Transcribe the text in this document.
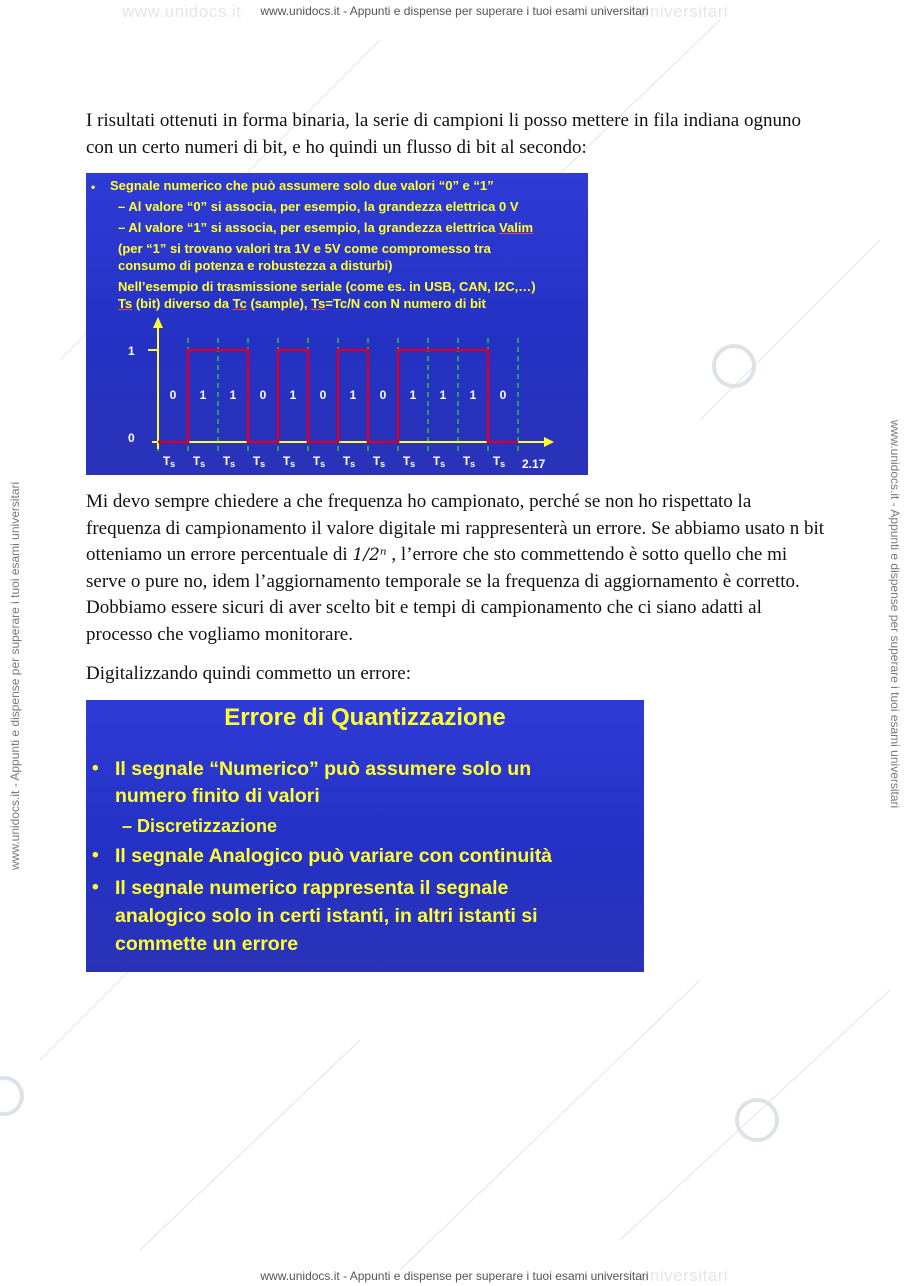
www.unidocs.it	universitari
universitari
www.unidocs.it - Appunti e dispense per superare i tuoi esami universitari
www.unidocs.it - Appunti e dispense per superare i tuoi esami universitari
www.unidocs.it - Appunti e dispense per superare i tuoi esami universitari	www.unidocs.it - Appunti e dispense per superare i tuoi esami universitari

I risultati ottenuti in forma binaria, la serie di campioni li posso mettere in fila indiana ognuno con un certo numeri di bit, e ho quindi un flusso di bit al secondo:

• Segnale numerico che può assumere solo due valori “0” e “1”
– Al valore “0” si associa, per esempio, la grandezza elettrica 0 V
– Al valore “1” si associa, per esempio, la grandezza elettrica Valim
(per “1” si trovano valori tra 1V e 5V come compromesso tra
consumo di potenza e robustezza a disturbi)
Nell’esempio di trasmissione seriale (come es. in USB, CAN, I2C,…)
Ts (bit) diverso da Tc (sample), Ts=Tc/N con N numero di bit
1
0
0 1 1 0 1 0 1 0 1 1 1 0
Ts Ts Ts Ts Ts Ts Ts Ts Ts Ts Ts Ts 2.17

Mi devo sempre chiedere a che frequenza ho campionato, perché se non ho rispettato la frequenza di campionamento il valore digitale mi rappresenterà un errore. Se abbiamo usato n bit otteniamo un errore percentuale di 1/2ⁿ , l’errore che sto commettendo è sotto quello che mi serve o pure no, idem l’aggiornamento temporale se la frequenza di aggiornamento è corretto. Dobbiamo essere sicuri di aver scelto bit e tempi di campionamento che ci siano adatti al processo che vogliamo monitorare.

Digitalizzando quindi commetto un errore:

Errore di Quantizzazione
• Il segnale “Numerico” può assumere solo un
numero finito di valori
– Discretizzazione
• Il segnale Analogico può variare con continuità
• Il segnale numerico rappresenta il segnale
analogico solo in certi istanti, in altri istanti si
commette un errore
